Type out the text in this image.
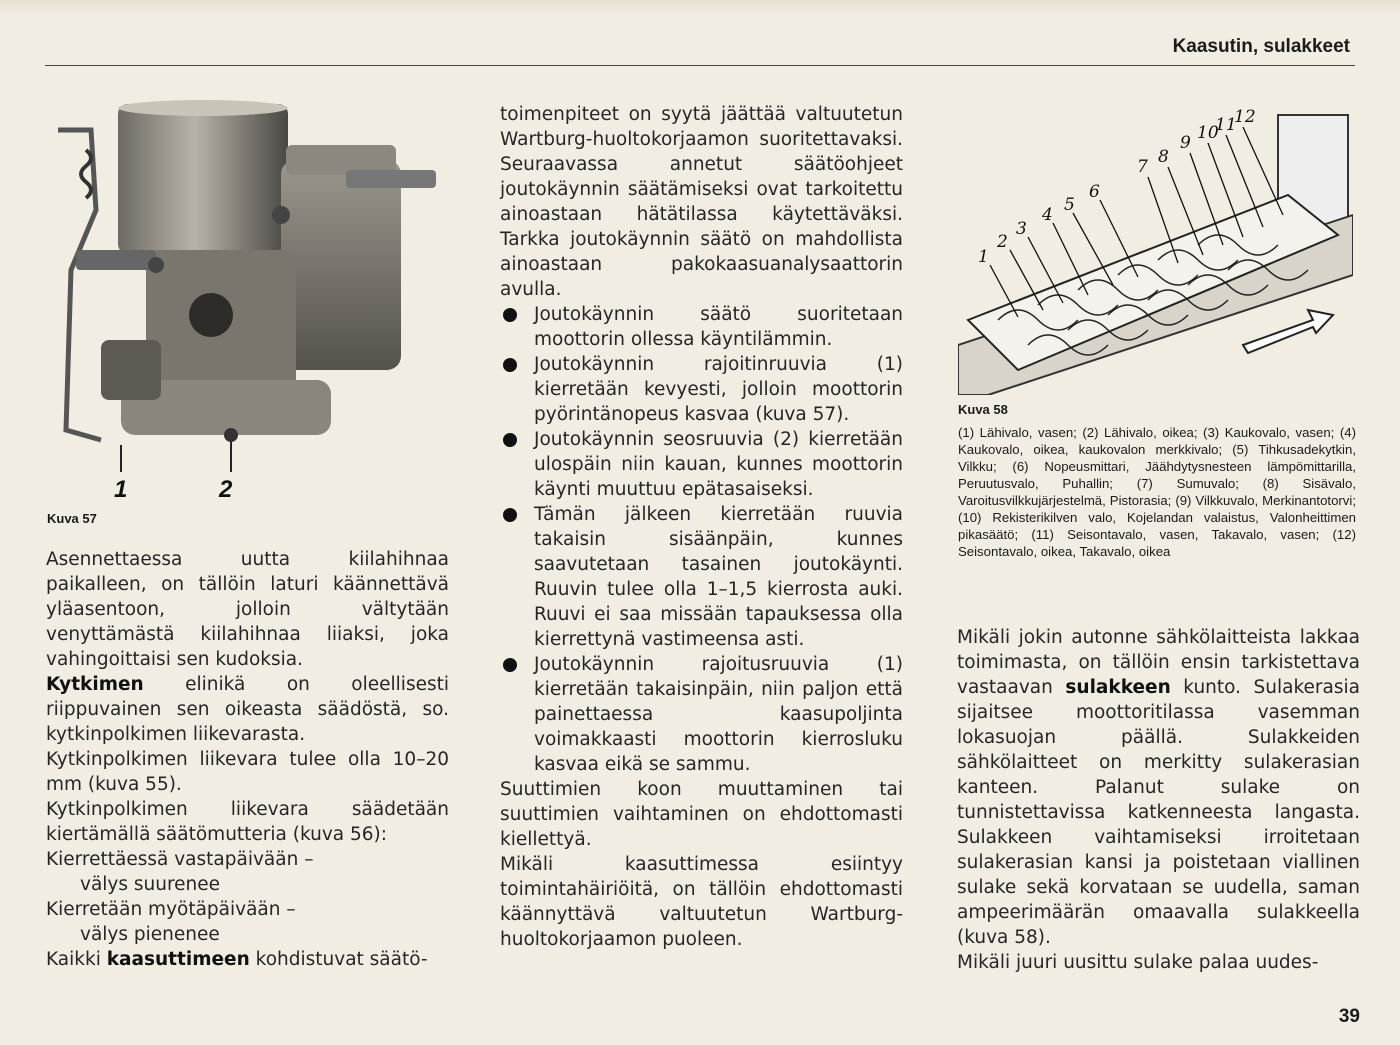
Kaasutin, sulakkeet
1	2
Kuva 57

Asennettaessa uutta kiilahihnaa paikalleen, on tällöin laturi käännettävä yläasentoon, jolloin vältytään venyttämästä kiilahihnaa liiaksi, joka vahingoittaisi sen kudoksia.

Kytkimen elinikä on oleellisesti riippuvainen sen oikeasta säädöstä, so. kytkinpolkimen liikevarasta.

Kytkinpolkimen liikevara tulee olla 10–20 mm (kuva 55).

Kytkinpolkimen liikevara säädetään kiertämällä säätömutteria (kuva 56):

Kierrettäessä vastapäivään –

välys suurenee

Kierretään myötäpäivään –

välys pienenee

Kaikki kaasuttimeen kohdistuvat säätö-

toimenpiteet on syytä jäättää valtuutetun Wartburg-huoltokorjaamon suoritettavaksi. Seuraavassa annetut säätöohjeet joutokäynnin säätämiseksi ovat tarkoitettu ainoastaan hätätilassa käytettäväksi. Tarkka joutokäynnin säätö on mahdollista ainoastaan pakokaasuanalysaattorin avulla.

Joutokäynnin säätö suoritetaan moottorin ollessa käyntilämmin.

Joutokäynnin rajoitinruuvia (1) kierretään kevyesti, jolloin moottorin pyörintänopeus kasvaa (kuva 57).

Joutokäynnin seosruuvia (2) kierretään ulospäin niin kauan, kunnes moottorin käynti muuttuu epätasaiseksi.

Tämän jälkeen kierretään ruuvia takaisin sisäänpäin, kunnes saavutetaan tasainen joutokäynti. Ruuvin tulee olla 1–1,5 kierrosta auki. Ruuvi ei saa missään tapauksessa olla kierrettynä vastimeensa asti.

Joutokäynnin rajoitusruuvia (1) kierretään takaisinpäin, niin paljon että painettaessa kaasupoljinta voimakkaasti moottorin kierrosluku kasvaa eikä se sammu.

Suuttimien koon muuttaminen tai suuttimien vaihtaminen on ehdottomasti kiellettyä.

Mikäli kaasuttimessa esiintyy toimintahäiriöitä, on tällöin ehdottomasti käännyttävä valtuutetun Wartburg-huoltokorjaamon puoleen.

1
2
3
4 5
6
7 8
9 10
11
12
Kuva 58
(1) Lähivalo, vasen; (2) Lähivalo, oikea; (3) Kaukovalo, vasen; (4) Kaukovalo, oikea, kaukovalon merkkivalo; (5) Tihkusadekytkin, Vilkku; (6) Nopeusmittari, Jäähdytysnesteen lämpömittarilla, Peruutusvalo, Puhallin; (7) Sumuvalo; (8) Sisävalo, Varoitusvilkkujärjestelmä, Pistorasia; (9) Vilkkuvalo, Merkinantotorvi; (10) Rekisterikilven valo, Kojelandan valaistus, Valonheittimen pikasäätö; (11) Seisontavalo, vasen, Takavalo, vasen; (12) Seisontavalo, oikea, Takavalo, oikea

Mikäli jokin autonne sähkölaitteista lakkaa toimimasta, on tällöin ensin tarkistettava vastaavan sulakkeen kunto. Sulakerasia sijaitsee moottoritilassa vasemman lokasuojan päällä. Sulakkeiden sähkölaitteet on merkitty sulakerasian kanteen. Palanut sulake on tunnistettavissa katkenneesta langasta. Sulakkeen vaihtamiseksi irroitetaan sulakerasian kansi ja poistetaan viallinen sulake sekä korvataan se uudella, saman ampeerimäärän omaavalla sulakkeella (kuva 58).

Mikäli juuri uusittu sulake palaa uudes-

39
